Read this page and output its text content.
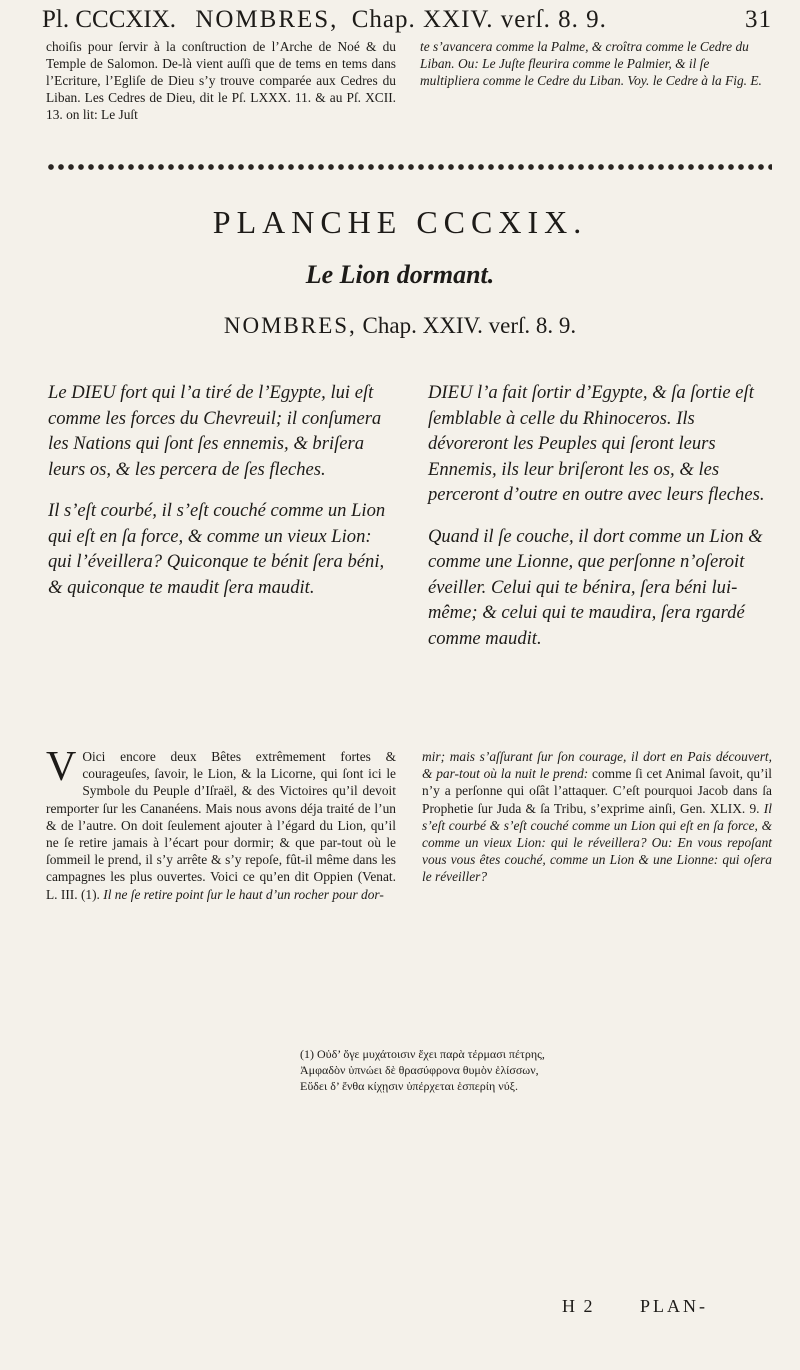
Pl. CCCXIX. NOMBRES, Chap. XXIV. verſ. 8. 9.	31
choiſis pour ſervir à la conſtruction de l’Arche de Noé & du Temple de Salomon. De-là vient auſſi que de tems en tems dans l’Ecriture, l’Egliſe de Dieu s’y trouve comparée aux Cedres du Liban. Les Cedres de Dieu, dit le Pſ. LXXX. 11. & au Pſ. XCII. 13. on lit: Le Juſt
te s’avancera comme la Palme, & croîtra comme le Cedre du Liban. Ou: Le Juſte fleurira comme le Palmier, & il ſe multipliera comme le Cedre du Liban. Voy. le Cedre à la Fig. E.
PLANCHE CCCXIX.
Le Lion dormant.
NOMBRES, Chap. XXIV. verſ. 8. 9.

Le DIEU fort qui l’a tiré de l’Egypte, lui eſt comme les forces du Chevreuil; il conſumera les Nations qui ſont ſes ennemis, & briſera leurs os, & les percera de ſes fleches.

Il s’eſt courbé, il s’eſt couché comme un Lion qui eſt en ſa force, & comme un vieux Lion: qui l’éveillera? Quiconque te bénit ſera béni, & quiconque te maudit ſera maudit.

DIEU l’a fait ſortir d’Egypte, & ſa ſortie eſt ſemblable à celle du Rhinoceros. Ils dévoreront les Peuples qui ſeront leurs Ennemis, ils leur briſeront les os, & les perceront d’outre en outre avec leurs fleches.

Quand il ſe couche, il dort comme un Lion & comme une Lionne, que perſonne n’oſeroit éveiller. Celui qui te bénira, ſera béni lui-même; & celui qui te maudira, ſera rgardé comme maudit.

V Oici encore deux Bêtes extrêmement fortes & courageuſes, ſavoir, le Lion, & la Licorne, qui ſont ici le Symbole du Peuple d’Iſraël, & des Victoires qu’il devoit remporter ſur les Cananéens. Mais nous avons déja traité de l’un & de l’autre. On doit ſeulement ajouter à l’égard du Lion, qu’il ne ſe retire jamais à l’écart pour dormir; & que par-tout où le ſommeil le prend, il s’y arrête & s’y repoſe, fût-il même dans les campagnes les plus ouvertes. Voici ce qu’en dit Oppien (Venat. L. III. (1). Il ne ſe retire point ſur le haut d’un rocher pour dor-
mir; mais s’aſſurant ſur ſon courage, il dort en Pais découvert, & par-tout où la nuit le prend: comme ſi cet Animal ſavoit, qu’il n’y a perſonne qui oſât l’attaquer. C’eſt pourquoi Jacob dans ſa Prophetie ſur Juda & ſa Tribu, s’exprime ainſi, Gen. XLIX. 9. Il s’eſt courbé & s’eſt couché comme un Lion qui eſt en ſa force, & comme un vieux Lion: qui le réveillera? Ou: En vous repoſant vous vous êtes couché, comme un Lion & une Lionne: qui oſera le réveiller?
(1) Οὐδ’ ὅγε μυχάτοισιν ἔχει παρὰ τέρμασι πέτρης,
Ἀμφαδὸν ὑπνώει δὲ θρασύφρονα θυμὸν ἑλίσσων,
Εὕδει δ’ ἔνθα κίχῃσιν ὑπέρχεται ἑσπερίη νύξ.
H 2	PLAN-
